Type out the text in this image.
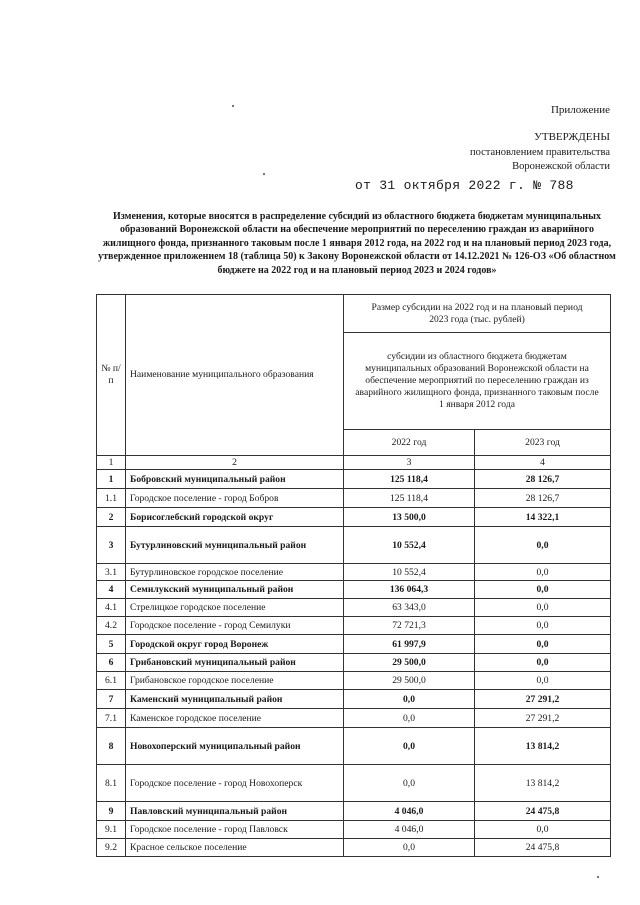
Приложение
УТВЕРЖДЕНЫ
постановлением правительства
Воронежской области
от 31 октября 2022 г. № 788
Изменения, которые вносятся в распределение субсидий из областного бюджета бюджетам муниципальных образований Воронежской области на обеспечение мероприятий по переселению граждан из аварийного жилищного фонда, признанного таковым после 1 января 2012 года, на 2022 год и на плановый период 2023 года, утвержденное приложением 18 (таблица 50) к Закону Воронежской области от 14.12.2021 № 126-ОЗ «Об областном бюджете на 2022 год и на плановый период 2023 и 2024 годов»
№ п/п	Наименование муниципального образования	Размер субсидии на 2022 год и на плановый период 2023 года (тыс. рублей)	
		субсидии из областного бюджета бюджетам муниципальных образований Воронежской области на обеспечение мероприятий по переселению граждан из аварийного жилищного фонда, признанного таковым после 1 января 2012 года	
		2022 год	2023 год
1	2	3	4
1	Бобровский муниципальный район	125 118,4	28 126,7
1.1	Городское поселение - город Бобров	125 118,4	28 126,7
2	Борисоглебский городской округ	13 500,0	14 322,1
3	Бутурлиновский муниципальный район	10 552,4	0,0
3.1	Бутурлиновское городское поселение	10 552,4	0,0
4	Семилукский муниципальный район	136 064,3	0,0
4.1	Стрелицкое городское поселение	63 343,0	0,0
4.2	Городское поселение - город Семилуки	72 721,3	0,0
5	Городской округ город Воронеж	61 997,9	0,0
6	Грибановский муниципальный район	29 500,0	0,0
6.1	Грибановское городское поселение	29 500,0	0,0
7	Каменский муниципальный район	0,0	27 291,2
7.1	Каменское городское поселение	0,0	27 291,2
8	Новохоперский муниципальный район	0,0	13 814,2
8.1	Городское поселение - город Новохоперск	0,0	13 814,2
9	Павловский муниципальный район	4 046,0	24 475,8
9.1	Городское поселение - город Павловск	4 046,0	0,0
9.2	Красное сельское поселение	0,0	24 475,8
